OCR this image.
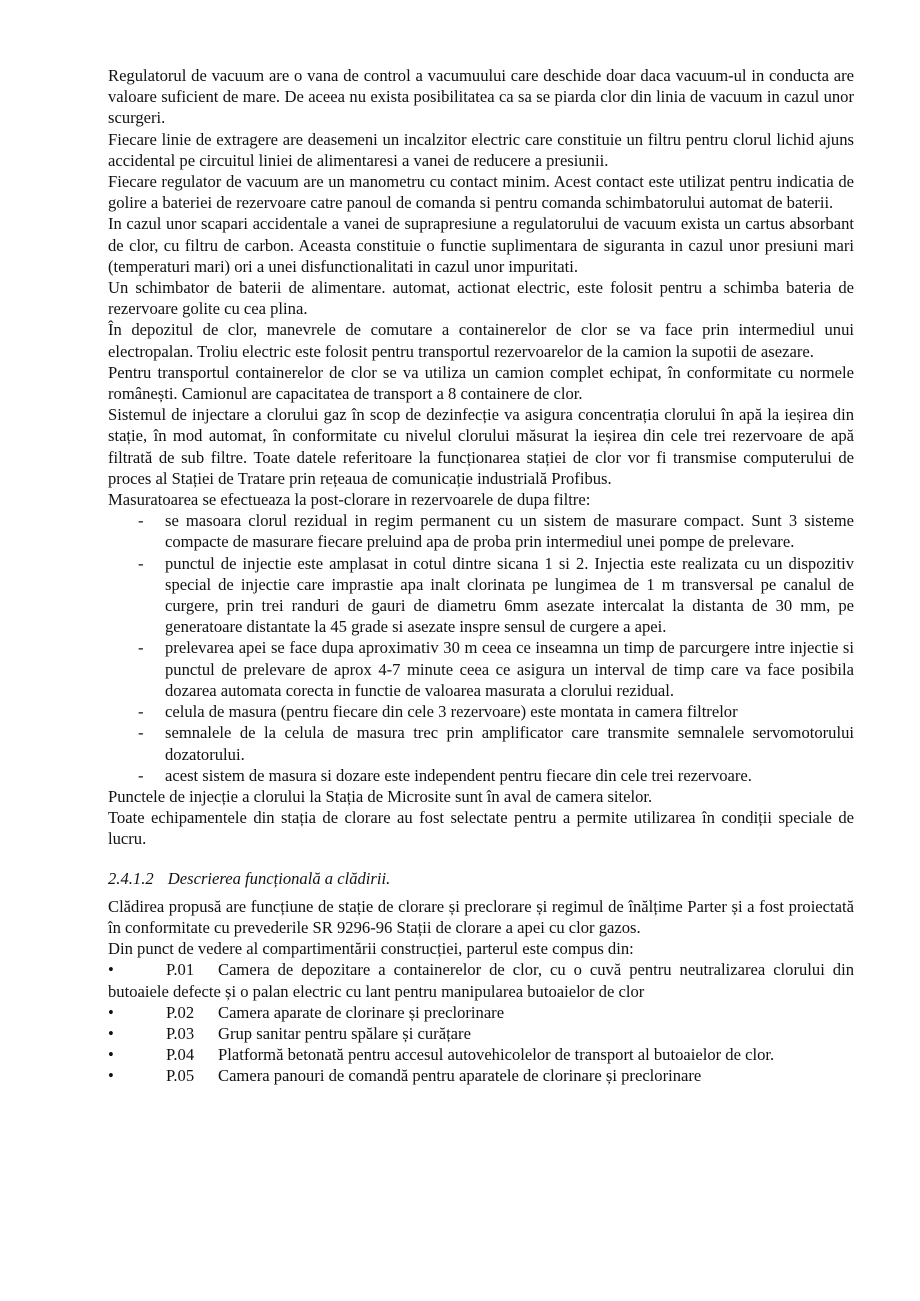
Regulatorul de vacuum are o vana de control a vacumuului care deschide doar daca vacuum-ul in conducta are valoare suficient de mare. De aceea nu exista posibilitatea ca sa se piarda clor din linia de vacuum in cazul unor scurgeri.

Fiecare linie de extragere are deasemeni un incalzitor electric care constituie un filtru pentru clorul lichid ajuns accidental pe circuitul liniei de alimentaresi a vanei de reducere a presiunii.

Fiecare regulator de vacuum are un manometru cu contact minim. Acest contact este utilizat pentru indicatia de golire a bateriei de rezervoare catre panoul de comanda si pentru comanda schimbatorului automat de baterii.

In cazul unor scapari accidentale a vanei de suprapresiune a regulatorului de vacuum exista un cartus absorbant de clor, cu filtru de carbon. Aceasta constituie o functie suplimentara de siguranta in cazul unor presiuni mari (temperaturi mari) ori a unei disfunctionalitati in cazul unor impuritati.

Un schimbator de baterii de alimentare. automat, actionat electric, este folosit pentru a schimba bateria de rezervoare golite cu cea plina.

În depozitul de clor, manevrele de comutare a containerelor de clor se va face prin intermediul unui electropalan. Troliu electric este folosit pentru transportul rezervoarelor de la camion la supotii de asezare.

Pentru transportul containerelor de clor se va utiliza un camion complet echipat, în conformitate cu normele românești. Camionul are capacitatea de transport a 8 containere de clor.

Sistemul de injectare a clorului gaz în scop de dezinfecție va asigura concentrația clorului în apă la ieșirea din stație, în mod automat, în conformitate cu nivelul clorului măsurat la ieșirea din cele trei rezervoare de apă filtrată de sub filtre. Toate datele referitoare la funcționarea stației de clor vor fi transmise computerului de proces al Stației de Tratare prin rețeaua de comunicație industrială Profibus.

Masuratoarea se efectueaza la post-clorare in rezervoarele de dupa filtre:

- se masoara clorul rezidual in regim permanent cu un sistem de masurare compact. Sunt 3 sisteme compacte de masurare fiecare preluind apa de proba prin intermediul unei pompe de prelevare.
- punctul de injectie este amplasat in cotul dintre sicana 1 si 2. Injectia este realizata cu un dispozitiv special de injectie care imprastie apa inalt clorinata pe lungimea de 1 m transversal pe canalul de curgere, prin trei randuri de gauri de diametru 6mm asezate intercalat la distanta de 30 mm, pe generatoare distantate la 45 grade si asezate inspre sensul de curgere a apei.
- prelevarea apei se face dupa aproximativ 30 m ceea ce inseamna un timp de parcurgere intre injectie si punctul de prelevare de aprox 4-7 minute ceea ce asigura un interval de timp care va face posibila dozarea automata corecta in functie de valoarea masurata a clorului rezidual.
- celula de masura (pentru fiecare din cele 3 rezervoare) este montata in camera filtrelor
- semnalele de la celula de masura trec prin amplificator care transmite semnalele servomotorului dozatorului.
- acest sistem de masura si dozare este independent pentru fiecare din cele trei rezervoare.

Punctele de injecție a clorului la Stația de Microsite sunt în aval de camera sitelor.

Toate echipamentele din stația de clorare au fost selectate pentru a permite utilizarea în condiții speciale de lucru.

2.4.1.2 Descrierea funcțională a clădirii.

Clădirea propusă are funcțiune de stație de clorare și preclorare și regimul de înălțime Parter și a fost proiectată în conformitate cu prevederile SR 9296-96 Stații de clorare a apei cu clor gazos.

Din punct de vedere al compartimentării construcției, parterul este compus din:

•	P.01 Camera de depozitare a containerelor de clor, cu o cuvă pentru neutralizarea clorului din butoaiele defecte și o palan electric cu lant pentru manipularea butoaielor de clor
•	P.02 Camera aparate de clorinare și preclorinare
•	P.03 Grup sanitar pentru spălare și curățare
•	P.04 Platformă betonată pentru accesul autovehicolelor de transport al butoaielor de clor.
•	P.05 Camera panouri de comandă pentru aparatele de clorinare și preclorinare
